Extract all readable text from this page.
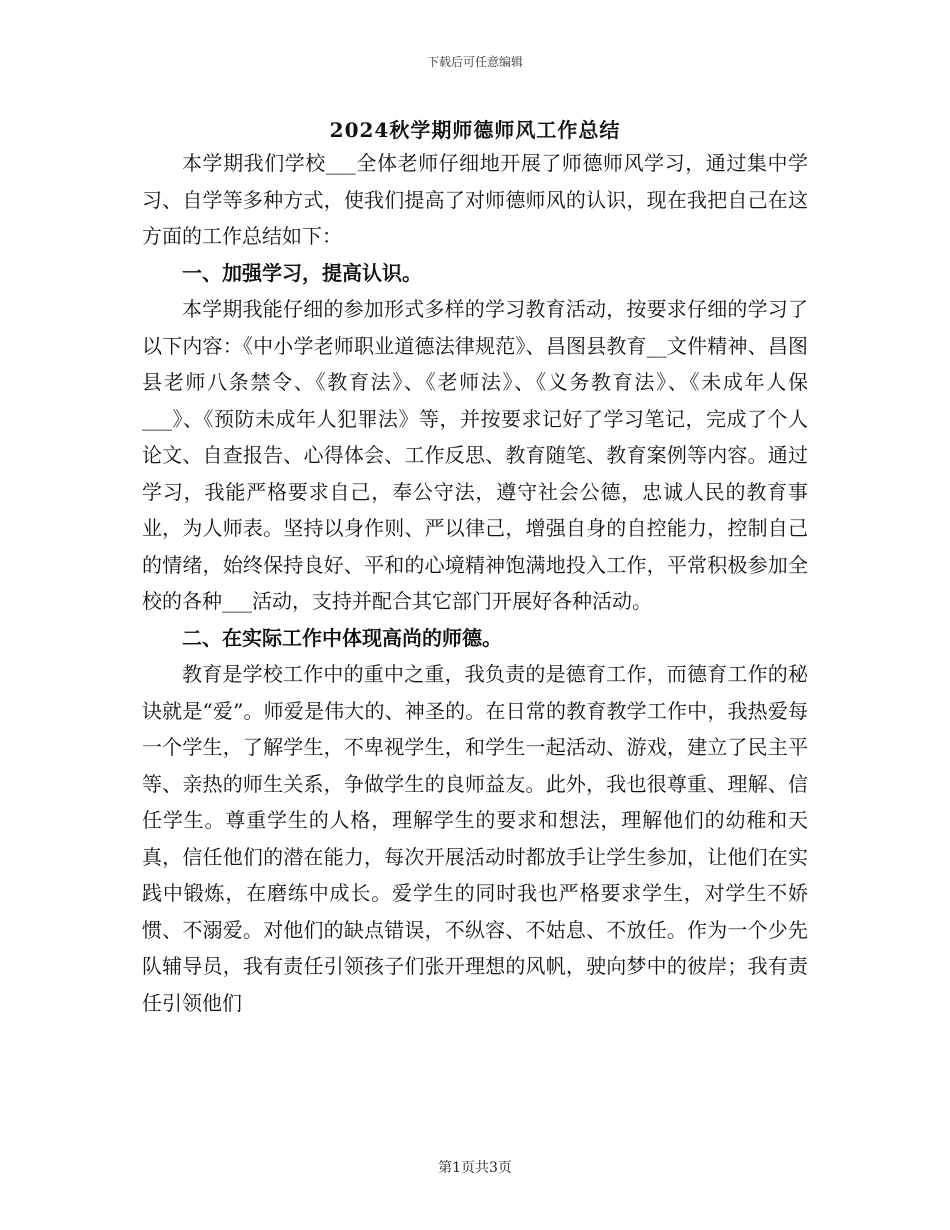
下载后可任意编辑
2024秋学期师德师风工作总结

本学期我们学校___全体老师仔细地开展了师德师风学习，通过集中学习、自学等多种方式，使我们提高了对师德师风的认识，现在我把自己在这方面的工作总结如下：

一、加强学习，提高认识。

本学期我能仔细的参加形式多样的学习教育活动，按要求仔细的学习了以下内容：《中小学老师职业道德法律规范》、昌图县教育__文件精神、昌图县老师八条禁令、《教育法》、《老师法》、《义务教育法》、《未成年人保___》、《预防未成年人犯罪法》等，并按要求记好了学习笔记，完成了个人论文、自查报告、心得体会、工作反思、教育随笔、教育案例等内容。通过学习，我能严格要求自己，奉公守法，遵守社会公德，忠诚人民的教育事业，为人师表。坚持以身作则、严以律己，增强自身的自控能力，控制自己的情绪，始终保持良好、平和的心境精神饱满地投入工作，平常积极参加全校的各种___活动，支持并配合其它部门开展好各种活动。

二、在实际工作中体现高尚的师德。

教育是学校工作中的重中之重，我负责的是德育工作，而德育工作的秘诀就是“爱”。师爱是伟大的、神圣的。在日常的教育教学工作中，我热爱每一个学生，了解学生，不卑视学生，和学生一起活动、游戏，建立了民主平等、亲热的师生关系，争做学生的良师益友。此外，我也很尊重、理解、信任学生。尊重学生的人格，理解学生的要求和想法，理解他们的幼稚和天真，信任他们的潜在能力，每次开展活动时都放手让学生参加，让他们在实践中锻炼，在磨练中成长。爱学生的同时我也严格要求学生，对学生不娇惯、不溺爱。对他们的缺点错误，不纵容、不姑息、不放任。作为一个少先队辅导员，我有责任引领孩子们张开理想的风帆，驶向梦中的彼岸；我有责任引领他们

第1页共3页
